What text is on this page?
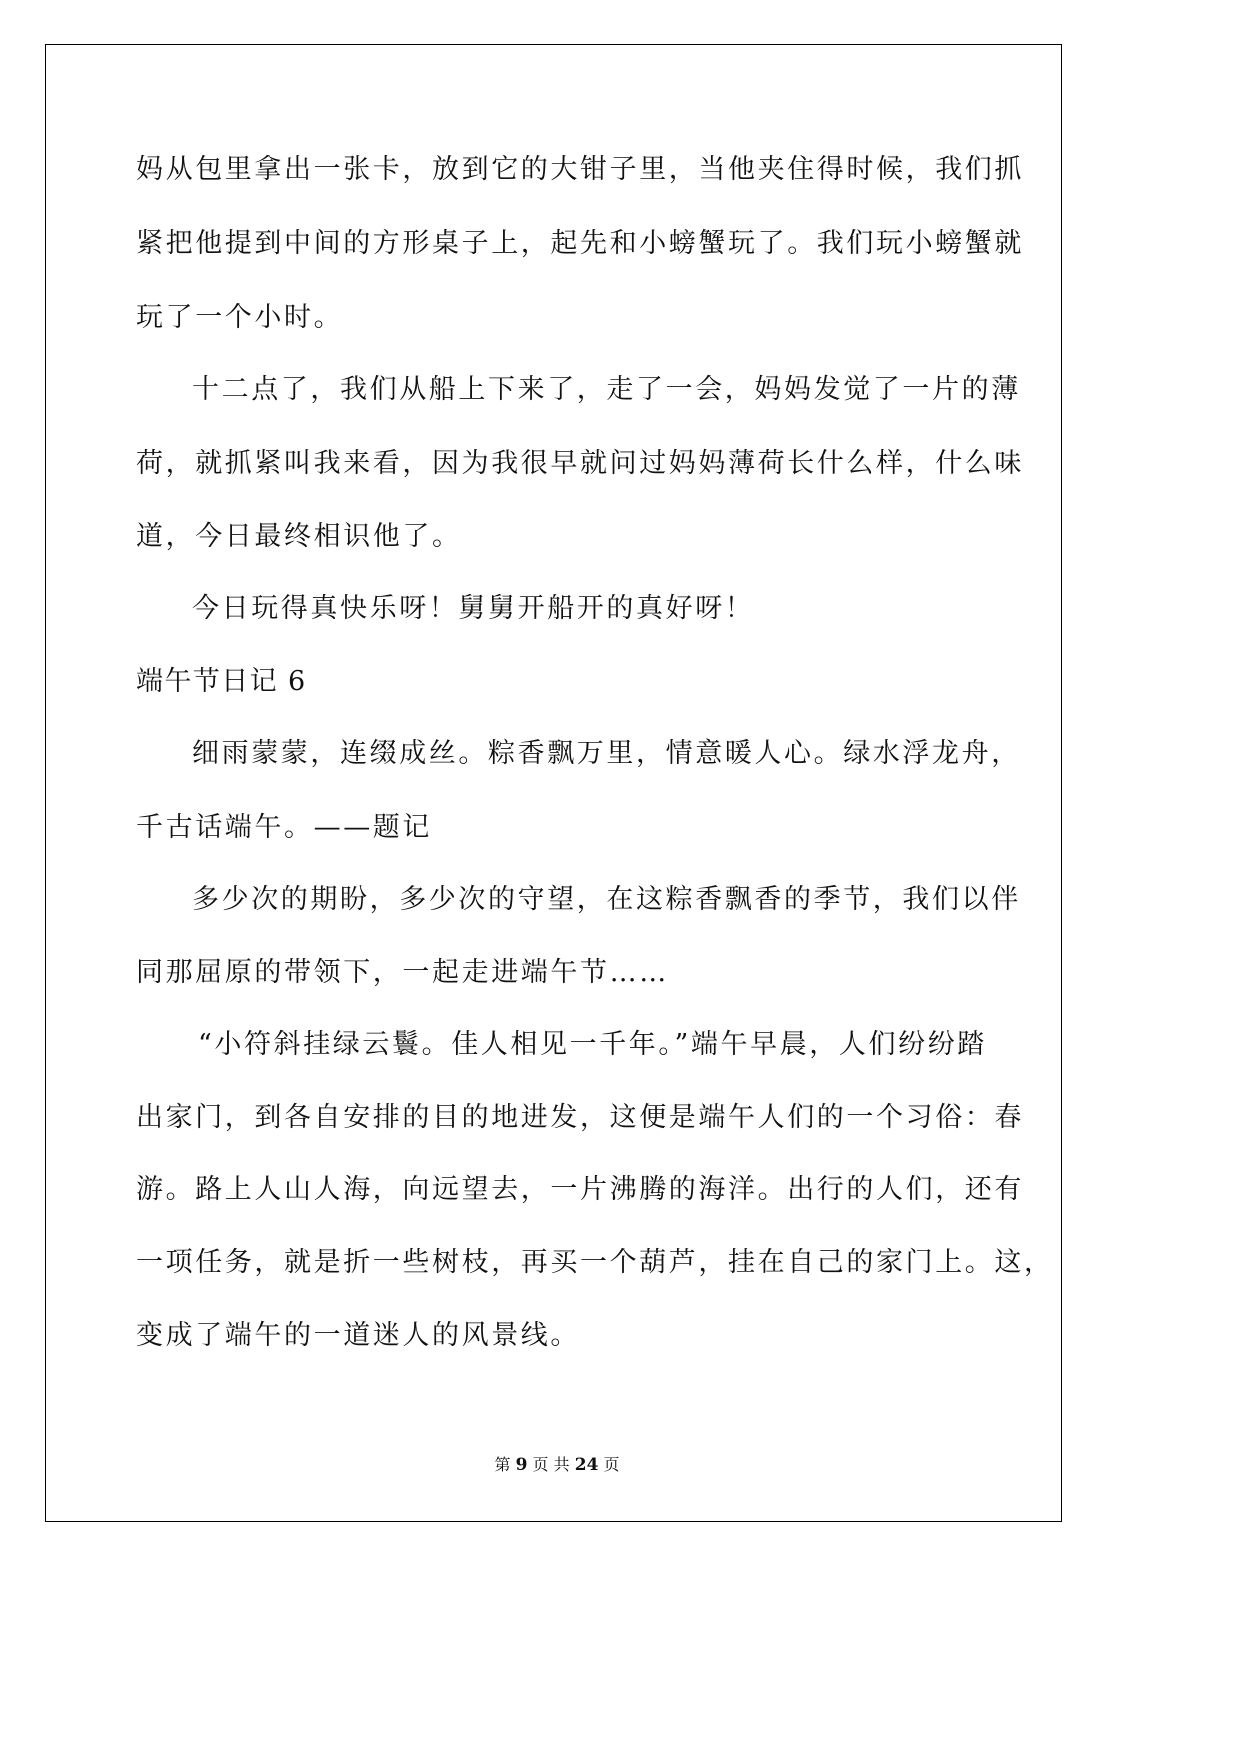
妈从包里拿出一张卡，放到它的大钳子里，当他夹住得时候，我们抓

紧把他提到中间的方形桌子上，起先和小螃蟹玩了。我们玩小螃蟹就

玩了一个小时。

十二点了，我们从船上下来了，走了一会，妈妈发觉了一片的薄

荷，就抓紧叫我来看，因为我很早就问过妈妈薄荷长什么样，什么味

道，今日最终相识他了。

今日玩得真快乐呀！舅舅开船开的真好呀！

端午节日记 6

细雨蒙蒙，连缀成丝。粽香飘万里，情意暖人心。绿水浮龙舟，

千古话端午。——题记

多少次的期盼，多少次的守望，在这粽香飘香的季节，我们以伴

同那屈原的带领下，一起走进端午节……

“小符斜挂绿云鬟。佳人相见一千年。”端午早晨，人们纷纷踏

出家门，到各自安排的目的地进发，这便是端午人们的一个习俗：春

游。路上人山人海，向远望去，一片沸腾的海洋。出行的人们，还有

一项任务，就是折一些树枝，再买一个葫芦，挂在自己的家门上。这，

变成了端午的一道迷人的风景线。

第 9 页 共 24 页
